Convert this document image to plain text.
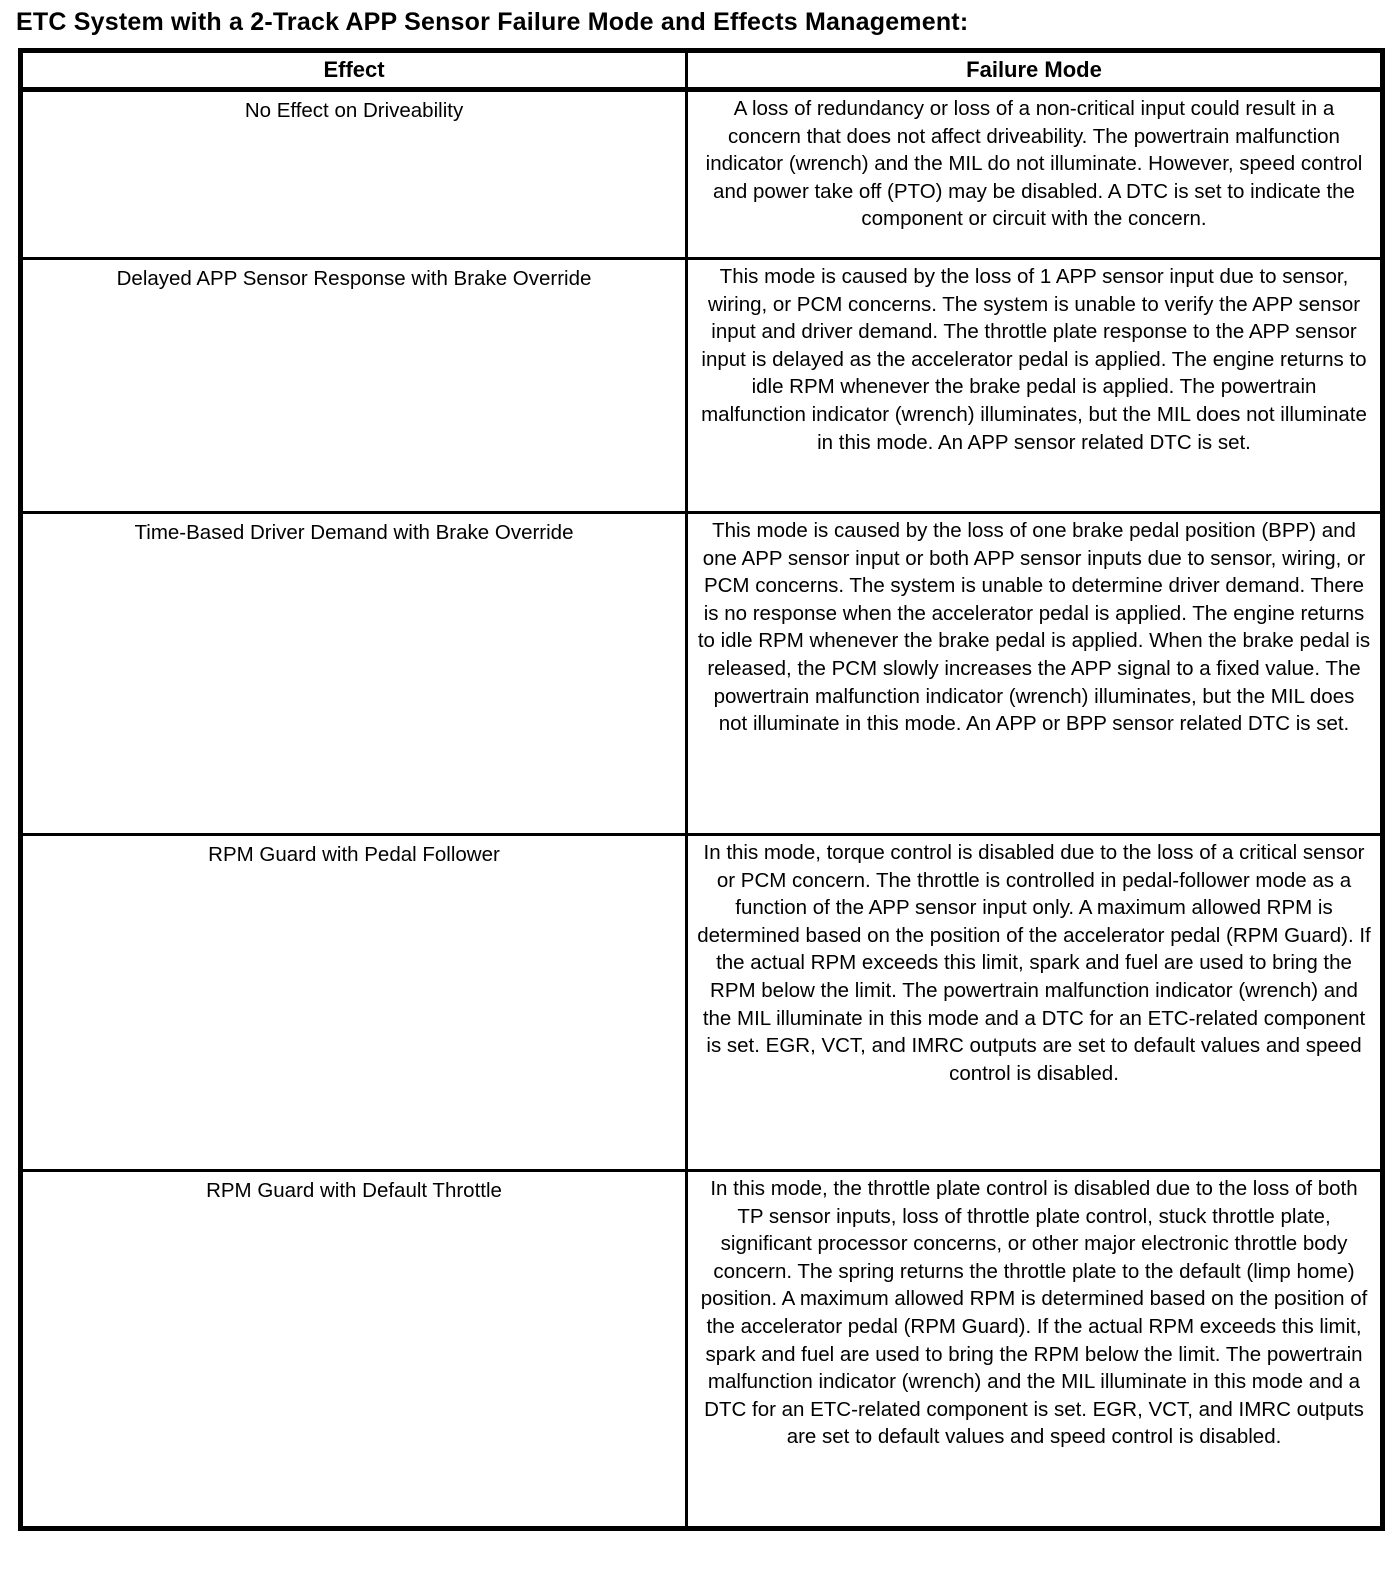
ETC System with a 2-Track APP Sensor Failure Mode and Effects Management:
Effect	Failure Mode
No Effect on Driveability	A loss of redundancy or loss of a non-critical input could result in a concern that does not affect driveability. The powertrain malfunction indicator (wrench) and the MIL do not illuminate. However, speed control and power take off (PTO) may be disabled. A DTC is set to indicate the component or circuit with the concern.
Delayed APP Sensor Response with Brake Override	This mode is caused by the loss of 1 APP sensor input due to sensor, wiring, or PCM concerns. The system is unable to verify the APP sensor input and driver demand. The throttle plate response to the APP sensor input is delayed as the accelerator pedal is applied. The engine returns to idle RPM whenever the brake pedal is applied. The powertrain malfunction indicator (wrench) illuminates, but the MIL does not illuminate in this mode. An APP sensor related DTC is set.
Time-Based Driver Demand with Brake Override	This mode is caused by the loss of one brake pedal position (BPP) and one APP sensor input or both APP sensor inputs due to sensor, wiring, or PCM concerns. The system is unable to determine driver demand. There is no response when the accelerator pedal is applied. The engine returns to idle RPM whenever the brake pedal is applied. When the brake pedal is released, the PCM slowly increases the APP signal to a fixed value. The powertrain malfunction indicator (wrench) illuminates, but the MIL does not illuminate in this mode. An APP or BPP sensor related DTC is set.
RPM Guard with Pedal Follower	In this mode, torque control is disabled due to the loss of a critical sensor or PCM concern. The throttle is controlled in pedal-follower mode as a function of the APP sensor input only. A maximum allowed RPM is determined based on the position of the accelerator pedal (RPM Guard). If the actual RPM exceeds this limit, spark and fuel are used to bring the RPM below the limit. The powertrain malfunction indicator (wrench) and the MIL illuminate in this mode and a DTC for an ETC-related component is set. EGR, VCT, and IMRC outputs are set to default values and speed control is disabled.
RPM Guard with Default Throttle	In this mode, the throttle plate control is disabled due to the loss of both TP sensor inputs, loss of throttle plate control, stuck throttle plate, significant processor concerns, or other major electronic throttle body concern. The spring returns the throttle plate to the default (limp home) position. A maximum allowed RPM is determined based on the position of the accelerator pedal (RPM Guard). If the actual RPM exceeds this limit, spark and fuel are used to bring the RPM below the limit. The powertrain malfunction indicator (wrench) and the MIL illuminate in this mode and a DTC for an ETC-related component is set. EGR, VCT, and IMRC outputs are set to default values and speed control is disabled.
